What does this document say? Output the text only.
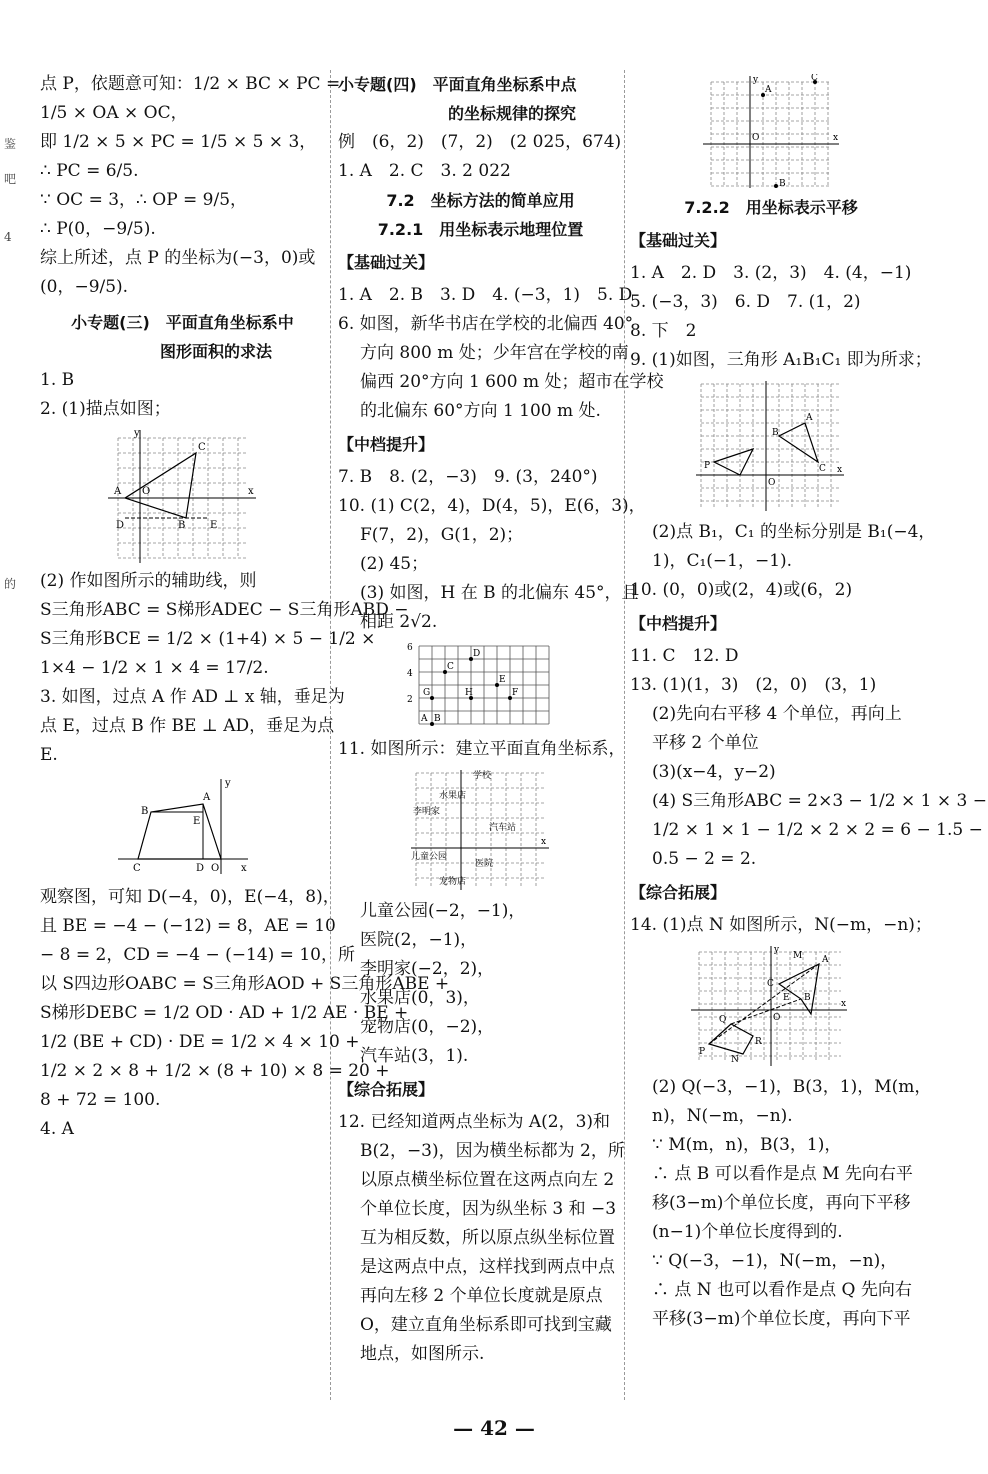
鉴
吧
4
的
点 P，依题意可知：1/2 × BC × PC =
1/5 × OA × OC，
即 1/2 × 5 × PC = 1/5 × 5 × 3，
∴ PC = 6/5.
∵ OC = 3，∴ OP = 9/5，
∴ P(0，−9/5).
综上所述，点 P 的坐标为(−3，0)或
(0，−9/5).
小专题(三)　平面直角坐标系中
图形面积的求法
1. B
2. (1)描点如图；
y
x
C
A O
B
D	E
(2) 作如图所示的辅助线，则
S三角形ABC = S梯形ADEC − S三角形ABD −
S三角形BCE = 1/2 × (1+4) × 5 − 1/2 ×
1×4 − 1/2 × 1 × 4 = 17/2.
3. 如图，过点 A 作 AD ⊥ x 轴，垂足为
点 E，过点 B 作 BE ⊥ AD，垂足为点
E.
y
x
A
B
C	D
E
O
观察图，可知 D(−4，0)，E(−4，8)，
且 BE = −4 − (−12) = 8，AE = 10
− 8 = 2，CD = −4 − (−14) = 10，所
以 S四边形OABC = S三角形AOD + S三角形ABE +
S梯形DEBC = 1/2 OD · AD + 1/2 AE · BE +
1/2 (BE + CD) · DE = 1/2 × 4 × 10 +
1/2 × 2 × 8 + 1/2 × (8 + 10) × 8 = 20 +
8 + 72 = 100.
4. A
小专题(四)　平面直角坐标系中点
的坐标规律的探究
例　(6，2)　(7，2)　(2 025，674)
1. A　2. C　3. 2 022
7.2　坐标方法的简单应用
7.2.1　用坐标表示地理位置
【基础过关】
1. A　2. B　3. D　4. (−3，1)　5. D
6. 如图，新华书店在学校的北偏西 40°
方向 800 m 处；少年宫在学校的南
偏西 20°方向 1 600 m 处；超市在学校
的北偏东 60°方向 1 100 m 处.
【中档提升】
7. B　8. (2，−3)　9. (3，240°)
10. (1) C(2，4)，D(4，5)，E(6，3)，
F(7，2)，G(1，2)；
(2) 45；
(3) 如图，H 在 B 的北偏东 45°，且
相距 2√2.
6
4
2
C
D
G	H
E
F
A B
11. 如图所示：建立平面直角坐标系，
学校
水果店
李明家
汽车站
儿童公园
医院
宠物店
x
儿童公园(−2，−1)，
医院(2，−1)，
李明家(−2，2)，
水果店(0，3)，
宠物店(0，−2)，
汽车站(3，1).
【综合拓展】
12. 已经知道两点坐标为 A(2，3)和
B(2，−3)，因为横坐标都为 2，所
以原点横坐标位置在这两点向左 2
个单位长度，因为纵坐标 3 和 −3
互为相反数，所以原点纵坐标位置
是这两点中点，这样找到两点中点
再向左移 2 个单位长度就是原点
O，建立直角坐标系即可找到宝藏
地点，如图所示.
y	C
A
O	x
B
7.2.2　用坐标表示平移
【基础过关】
1. A　2. D　3. (2，3)　4. (4，−1)
5. (−3，3)　6. D　7. (1，2)
8. 下　2
9. (1)如图，三角形 A₁B₁C₁ 即为所求；
A
B
C
P
O
x
(2)点 B₁，C₁ 的坐标分别是 B₁(−4，
1)，C₁(−1，−1).
10. (0，0)或(2，4)或(6，2)
【中档提升】
11. C　12. D
13. (1)(1，3)　(2，0)　(3，1)
(2)先向右平移 4 个单位，再向上
平移 2 个单位
(3)(x−4，y−2)
(4) S三角形ABC = 2×3 − 1/2 × 1 × 3 −
1/2 × 1 × 1 − 1/2 × 2 × 2 = 6 − 1.5 −
0.5 − 2 = 2.
【综合拓展】
14. (1)点 N 如图所示，N(−m，−n)；
y
M A
C
B
E
O
Q
R
P
N
x
(2) Q(−3，−1)，B(3，1)，M(m，
n)，N(−m，−n).
∵ M(m，n)，B(3，1)，
∴ 点 B 可以看作是点 M 先向右平
移(3−m)个单位长度，再向下平移
(n−1)个单位长度得到的.
∵ Q(−3，−1)，N(−m，−n)，
∴ 点 N 也可以看作是点 Q 先向右
平移(3−m)个单位长度，再向下平
— 42 —
